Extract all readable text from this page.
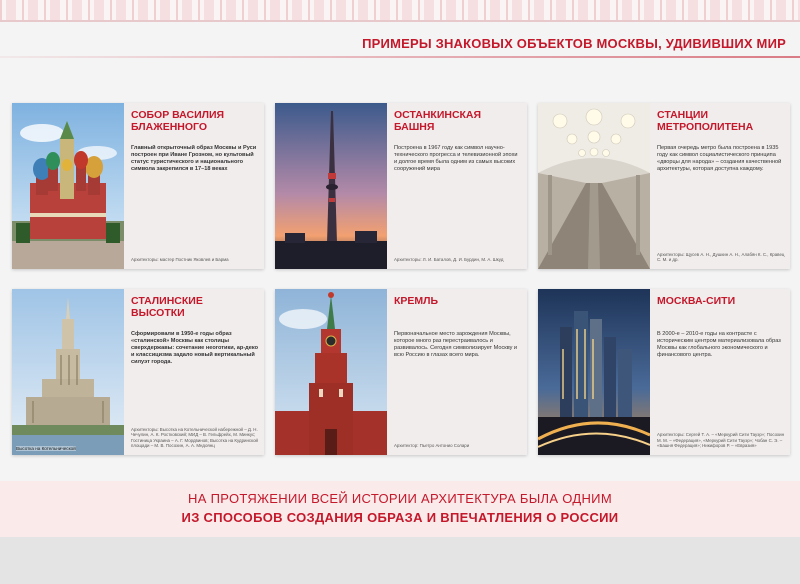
ПРИМЕРЫ ЗНАКОВЫХ ОБЪЕКТОВ МОСКВЫ, УДИВИВШИХ МИР
СОБОР ВАСИЛИЯ БЛАЖЕННОГО
Главный открыточный образ Москвы и Руси построен при Иване Грозном, но культовый статус туристического и национального символа закрепился в 17–18 веках
Архитекторы: мастер Постник Яковлев и Барма
ОСТАНКИНСКАЯ БАШНЯ
Построена в 1967 году как символ научно-технического прогресса и телевизионной эпохи и долгое время была одним из самых высоких сооружений мира
Архитекторы: Л. И. Баталов, Д. И. Бурдин, М. А. Шкуд
СТАНЦИИ МЕТРОПОЛИТЕНА
Первая очередь метро была построена в 1935 году как символ социалистического принципа «дворцы для народа» – создания качественной архитектуры, которая доступна каждому.
Архитекторы: Щусев А. Н., Душкин А. Н., Алабян К. С., Кравец С. М. и др.
Высотка на Котельнической
СТАЛИНСКИЕ ВЫСОТКИ
Сформировали в 1950-е годы образ «сталинской» Москвы как столицы сверхдержавы: сочетание неоготики, ар-деко и классицизма задало новый вертикальный силуэт города.
Архитекторы: Высотка на Котельнической набережной – Д. Н. Чечулин, А. К. Ростковский; МИД – В. Гельфрейх, М. Минкус; Гостиница Украина – А. Г. Мордвинов; Высотка на Кудринской площади – М. В. Посохин, А. А. Мндоянц
КРЕМЛЬ
Первоначальное место зарождения Москвы, которое много раз перестраивалось и развивалось. Сегодня символизирует Москву и всю Россию в глазах всего мира.
Архитектор: Пьетро Антонио Солари
МОСКВА-СИТИ
В 2000-е – 2010-е годы на контрасте с историческим центром материализовала образ Москвы как глобального экономического и финансового центра.
Архитекторы: Сергей Т. А. – «Меркурий Сити Тауэр»; Посохин М. М. – «Федерация», «Меркурий Сити Тауэр»; Чобан С. Э. – «Башня Федерация»; Никифоров Р. – «Евразия»
НА ПРОТЯЖЕНИИ ВСЕЙ ИСТОРИИ АРХИТЕКТУРА БЫЛА ОДНИМ
ИЗ СПОСОБОВ СОЗДАНИЯ ОБРАЗА И ВПЕЧАТЛЕНИЯ О РОССИИ
